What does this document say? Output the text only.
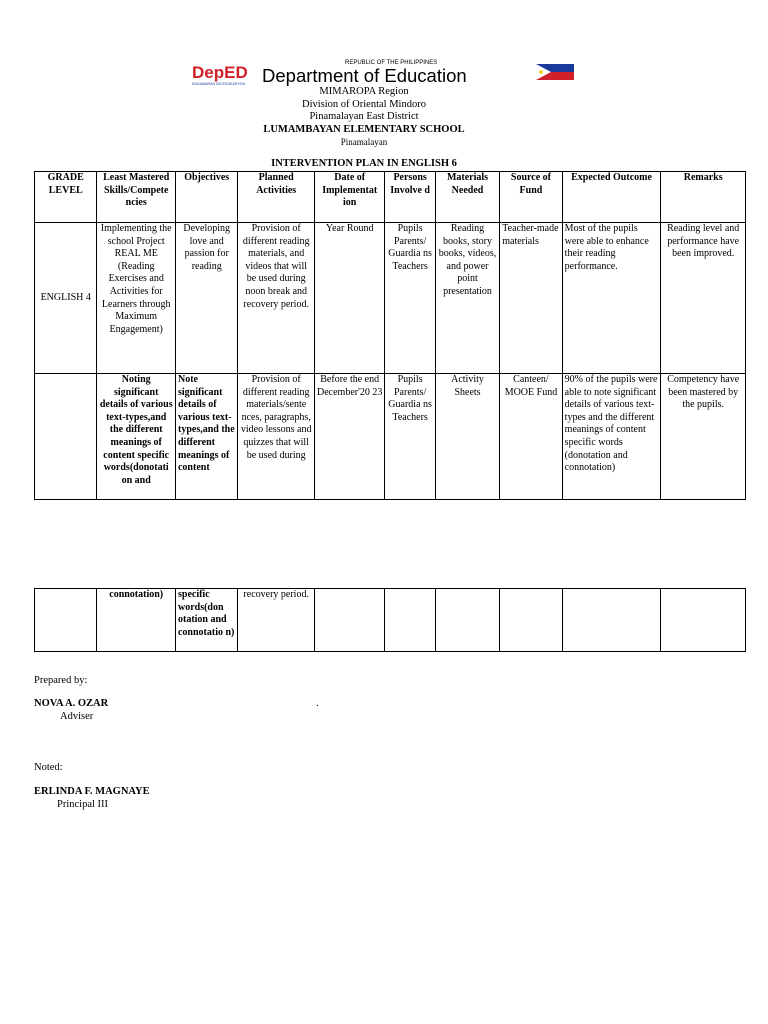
DepED
KAGAWARAN NG EDUKASYON
REPUBLIC OF THE PHILIPPINES
Department of Education
MIMAROPA Region
Division of Oriental Mindoro
Pinamalayan East District
LUMAMBAYAN ELEMENTARY SCHOOL
Pinamalayan
INTERVENTION PLAN IN ENGLISH 6
GRADE LEVEL	Least Mastered Skills/Compete ncies	Objectives	Planned Activities	Date of Implementat ion	Persons Involve d	Materials Needed	Source of Fund	Expected Outcome	Remarks
ENGLISH 4	Implementing the school Project REAL ME (Reading Exercises and Activities for Learners through Maximum Engagement)	Developing love and passion for reading	Provision of different reading materials, and videos that will be used during noon break and recovery period.	Year Round	Pupils Parents/ Guardia ns Teachers	Reading books, story books, videos, and power point presentation	Teacher-made materials	Most of the pupils were able to enhance their reading performance.	Reading level and performance have been improved.
	Noting significant details of various text-types,and the different meanings of content specific words(donotati on and	Note significant details of various text-types,and the different meanings of content	Provision of different reading materials/sente nces, paragraphs, video lessons and quizzes that will be used during	Before the end December'20 23	Pupils Parents/ Guardia ns Teachers	Activity Sheets	Canteen/ MOOE Fund	90% of the pupils were able to note significant details of various text-types and the different meanings of content specific words (donotation and connotation)	Competency have been mastered by the pupils.
	connotation)	specific words(don otation and connotatio n)	recovery period.						
Prepared by:
NOVA A. OZAR	.
Adviser
Noted:
ERLINDA F. MAGNAYE
Principal III
